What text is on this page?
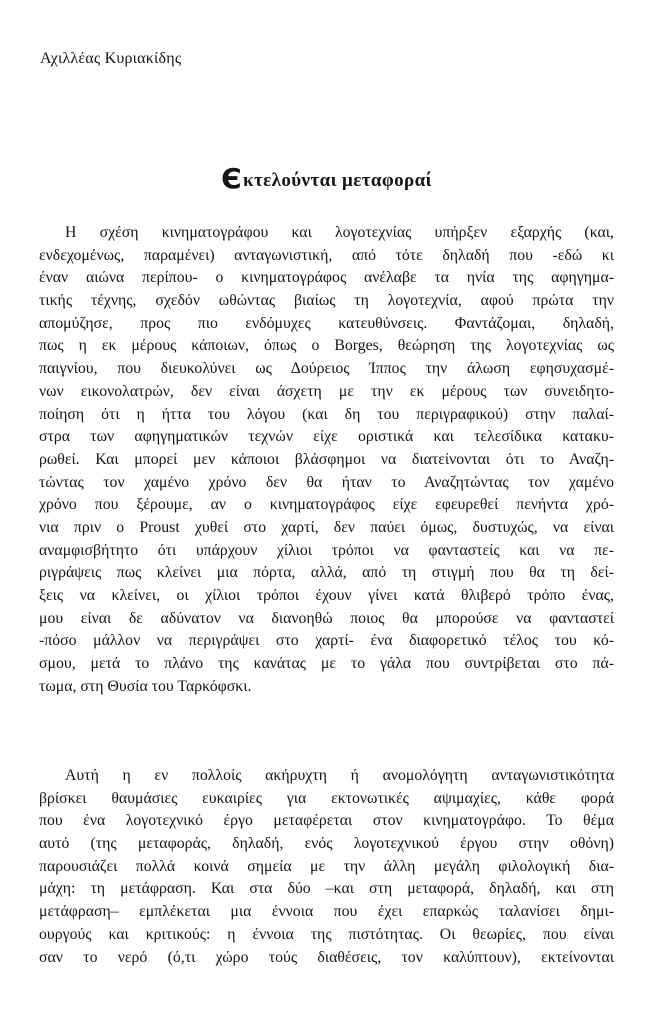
Αχιλλέας Κυριακίδης
Єκτελούνται μεταφοραί
Η σχέση κινηματογράφου και λογοτεχνίας υπήρξεν εξαρχής (και,
ενδεχομένως, παραμένει) ανταγωνιστική, από τότε δηλαδή που -εδώ κι
έναν αιώνα περίπου- ο κινηματογράφος ανέλαβε τα ηνία της αφηγημα-
τικής τέχνης, σχεδόν ωθώντας βιαίως τη λογοτεχνία, αφού πρώτα την
απομύζησε, προς πιο ενδόμυχες κατευθύνσεις. Φαντάζομαι, δηλαδή,
πως η εκ μέρους κάποιων, όπως ο Borges, θεώρηση της λογοτεχνίας ως
παιγνίου, που διευκολύνει ως Δούρειος Ίππος την άλωση εφησυχασμέ-
νων εικονολατρών, δεν είναι άσχετη με την εκ μέρους των συνειδητο-
ποίηση ότι η ήττα του λόγου (και δη του περιγραφικού) στην παλαί-
στρα των αφηγηματικών τεχνών είχε οριστικά και τελεσίδικα κατακυ-
ρωθεί. Και μπορεί μεν κάποιοι βλάσφημοι να διατείνονται ότι το Αναζη-
τώντας τον χαμένο χρόνο δεν θα ήταν το Αναζητώντας τον χαμένο
χρόνο που ξέρουμε, αν ο κινηματογράφος είχε εφευρεθεί πενήντα χρό-
νια πριν ο Proust χυθεί στο χαρτί, δεν παύει όμως, δυστυχώς, να είναι
αναμφισβήτητο ότι υπάρχουν χίλιοι τρόποι να φανταστείς και να πε-
ριγράψεις πως κλείνει μια πόρτα, αλλά, από τη στιγμή που θα τη δεί-
ξεις να κλείνει, οι χίλιοι τρόποι έχουν γίνει κατά θλιβερό τρόπο ένας,
μου είναι δε αδύνατον να διανοηθώ ποιος θα μπορούσε να φανταστεί
-πόσο μάλλον να περιγράψει στο χαρτί- ένα διαφορετικό τέλος του κό-
σμου, μετά το πλάνο της κανάτας με το γάλα που συντρίβεται στο πά-
τωμα, στη Θυσία του Ταρκόφσκι.
Αυτή η εν πολλοίς ακήρυχτη ή ανομολόγητη ανταγωνιστικότητα
βρίσκει θαυμάσιες ευκαιρίες για εκτονωτικές αψιμαχίες, κάθε φορά
που ένα λογοτεχνικό έργο μεταφέρεται στον κινηματογράφο. Το θέμα
αυτό (της μεταφοράς, δηλαδή, ενός λογοτεχνικού έργου στην οθόνη)
παρουσιάζει πολλά κοινά σημεία με την άλλη μεγάλη φιλολογική δια-
μάχη: τη μετάφραση. Και στα δύο –και στη μεταφορά, δηλαδή, και στη
μετάφραση– εμπλέκεται μια έννοια που έχει επαρκώς ταλανίσει δημι-
ουργούς και κριτικούς: η έννοια της πιστότητας. Οι θεωρίες, που είναι
σαν το νερό (ό,τι χώρο τούς διαθέσεις, τον καλύπτουν), εκτείνονται
